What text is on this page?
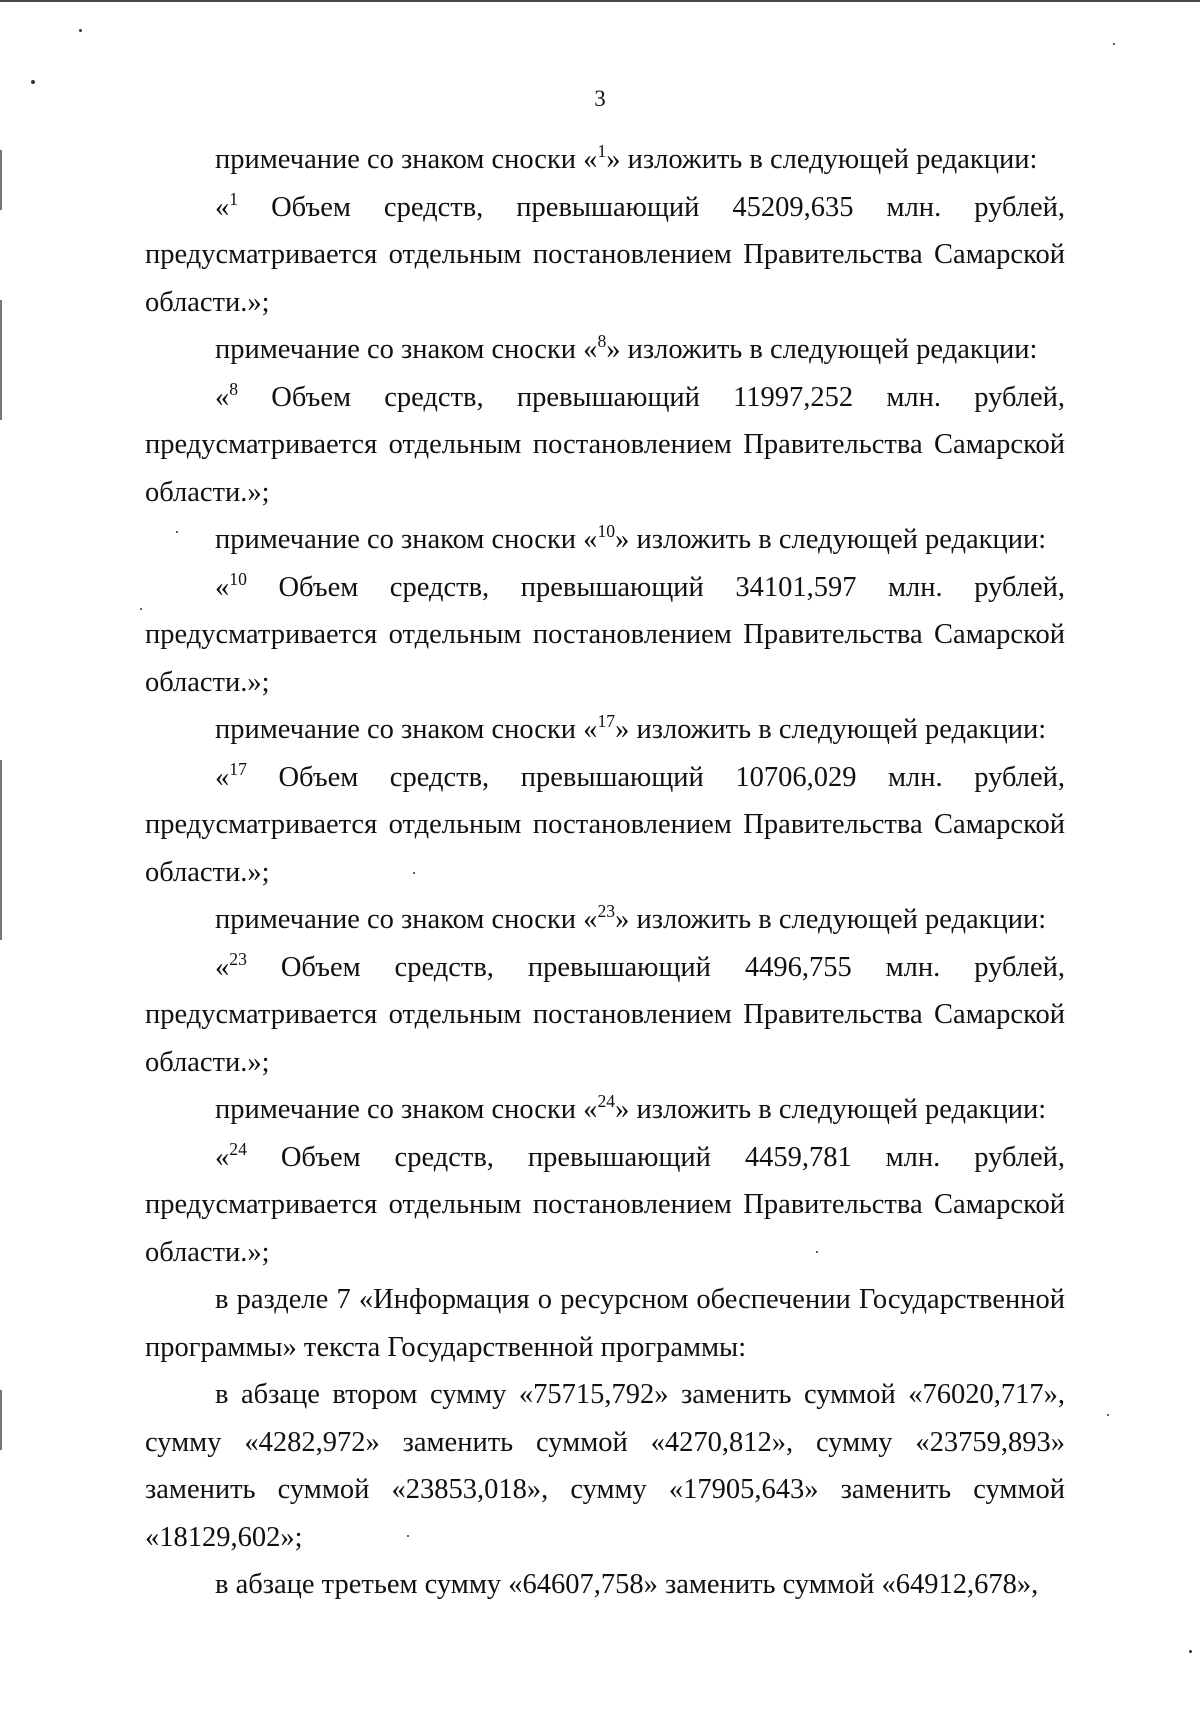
3

примечание со знаком сноски «$^1$» изложить в следующей редакции:

«$^1$ Объем средств, превышающий 45209,635 млн. рублей, предусматривается отдельным постановлением Правительства Самарской области.»;

примечание со знаком сноски «$^8$» изложить в следующей редакции:

«$^8$ Объем средств, превышающий 11997,252 млн. рублей, предусматривается отдельным постановлением Правительства Самарской области.»;

примечание со знаком сноски «$^{10}$» изложить в следующей редакции:

«$^{10}$ Объем средств, превышающий 34101,597 млн. рублей, предусматривается отдельным постановлением Правительства Самарской области.»;

примечание со знаком сноски «$^{17}$» изложить в следующей редакции:

«$^{17}$ Объем средств, превышающий 10706,029 млн. рублей, предусматривается отдельным постановлением Правительства Самарской области.»;

примечание со знаком сноски «$^{23}$» изложить в следующей редакции:

«$^{23}$ Объем средств, превышающий 4496,755 млн. рублей, предусматривается отдельным постановлением Правительства Самарской области.»;

примечание со знаком сноски «$^{24}$» изложить в следующей редакции:

«$^{24}$ Объем средств, превышающий 4459,781 млн. рублей, предусматривается отдельным постановлением Правительства Самарской области.»;

в разделе 7 «Информация о ресурсном обеспечении Государственной программы» текста Государственной программы:

в абзаце втором сумму «75715,792» заменить суммой «76020,717», сумму «4282,972» заменить суммой «4270,812», сумму «23759,893» заменить суммой «23853,018», сумму «17905,643» заменить суммой «18129,602»;

в абзаце третьем сумму «64607,758» заменить суммой «64912,678»,
